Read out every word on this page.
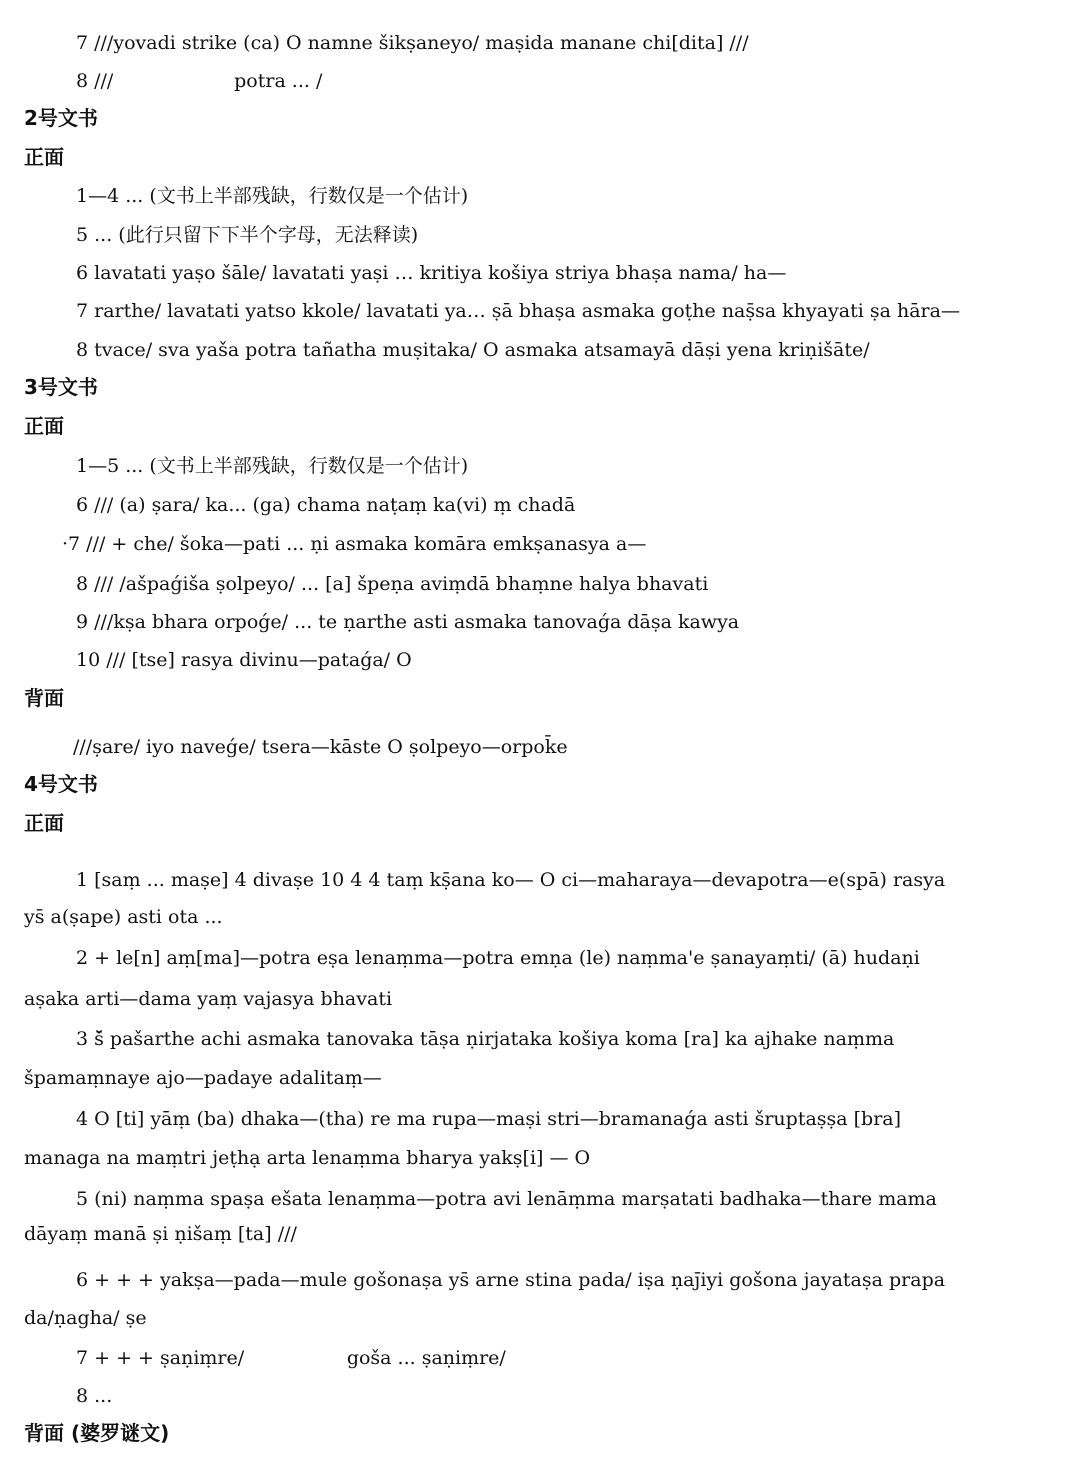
7 ///yovadi strike (ca) O namne šikṣaneyo/ maṣida manane chi[dita] ///
8 ///                    potra ... /
2号文书
正面
1—4 ... (文书上半部残缺，行数仅是一个估计)
5 ... (此行只留下下半个字母，无法释读)
6 lavatati yaṣo šāle/ lavatati yaṣi … kritiya košiya striya bhaṣa nama/ ha—
7 rarthe/ lavatati yatso kkole/ lavatati ya… ṣā bhaṣa asmaka goṭhe naṣ̄sa khyayati ṣa hāra—
8 tvace/ sva yaša potra tañatha muṣitaka/ O asmaka atsamayā dāṣi yena kriṇišāte/
3号文书
正面
1—5 ... (文书上半部残缺，行数仅是一个估计)
6 /// (a) ṣara/ ka... (ga) chama naṭaṃ ka(vi) ṃ chadā
·7 /// + che/ šoka—pati ... ṇi asmaka komāra emkṣanasya a—
8 /// /ašpaǵiša ṣolpeyo/ ... [a] špeṇa aviṃdā bhaṃne halya bhavati
9 ///kṣa bhara orpoǵe/ ... te ṇarthe asti asmaka tanovaǵa dāṣa kawya
10 /// [tse] rasya divinu—pataǵa/ O
背面
///ṣare/ iyo naveǵe/ tsera—kāste O ṣolpeyo—orpok̄e
4号文书
正面
1 [saṃ ... maṣe] 4 divaṣe 10 4 4 taṃ kṣ̄ana ko— O ci—maharaya—devapotra—e(spā) rasya
ys̄ a(ṣape) asti ota ...
2 + le[n] aṃ[ma]—potra eṣa lenaṃma—potra emṇa (le) naṃma'e ṣanayaṃti/ (ā) hudaṇi
aṣaka arti—dama yaṃ vajasya bhavati
3 š̄ pašarthe achi asmaka tanovaka tāṣa ṇirjataka košiya koma [ra] ka ajhake naṃma
špamaṃnaye ajo—padaye adalitaṃ—
4 O [ti] yāṃ (ba) dhaka—(tha) re ma rupa—maṣi stri—bramanaǵa asti šruptaṣṣa [bra]
managa na maṃtri jeṭhạ arta lenaṃma bharya yakṣ[i] — O
5 (ni) naṃma spaṣa ešata lenaṃma—potra avi lenāṃma marṣatati badhaka—thare mama
dāyaṃ manā ṣi ṇišaṃ [ta] ///
6 + + + yakṣa—pada—mule gošonaṣa ys̄ arne stina pada/ iṣa ṇaj̄iyi gošona jayataṣa prapa
da/ṇagha/ ṣe
7 + + + ṣaṇiṃre/                 goša ... ṣaṇiṃre/
8 ...
背面 (婆罗谜文)
